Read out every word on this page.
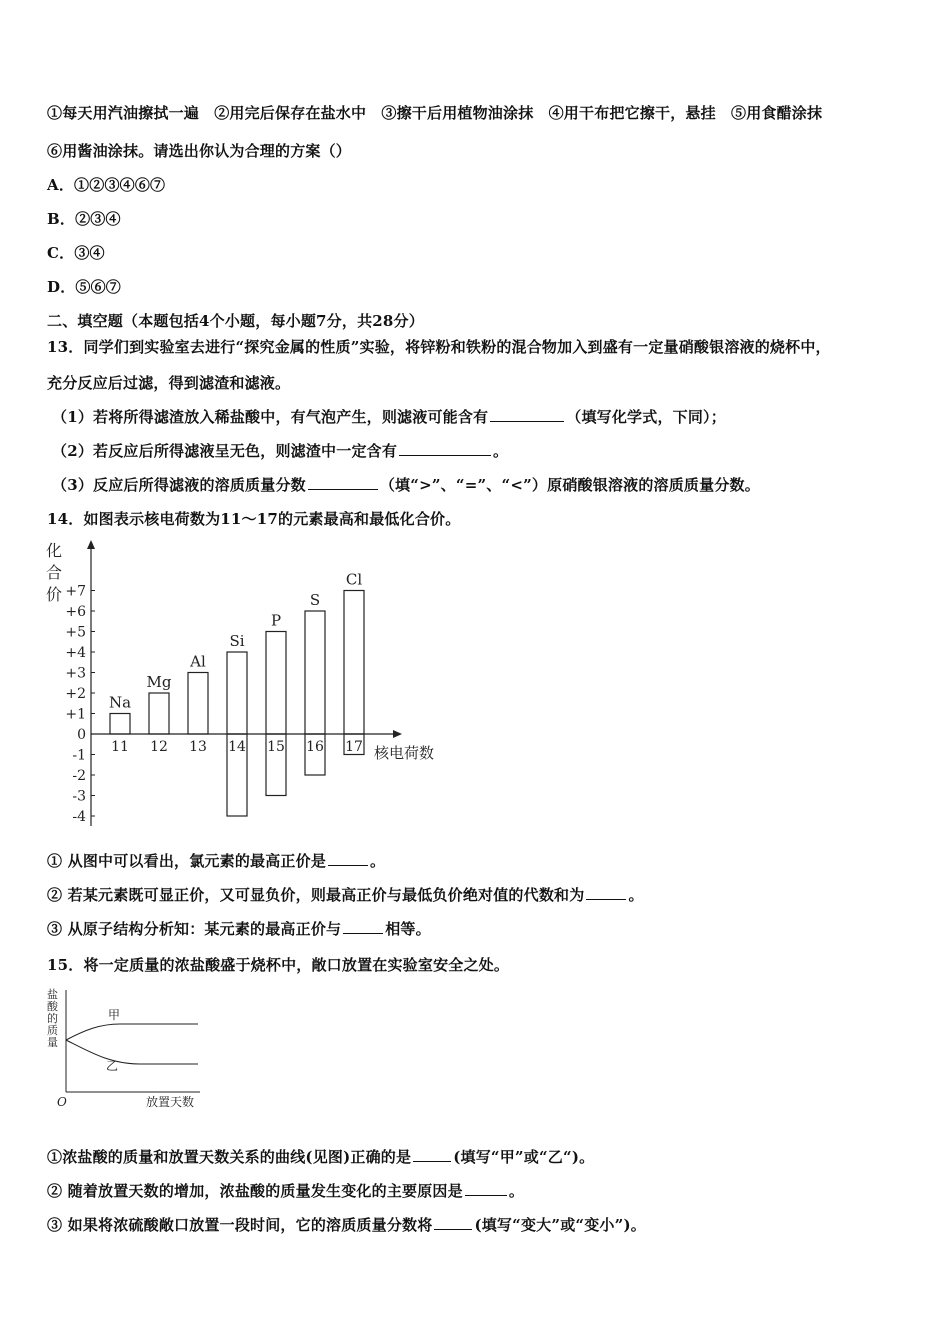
①每天用汽油擦拭一遍　②用完后保存在盐水中　③擦干后用植物油涂抹　④用干布把它擦干，悬挂　⑤用食醋涂抹
⑥用酱油涂抹。请选出你认为合理的方案（）
A．①②③④⑥⑦
B．②③④
C．③④
D．⑤⑥⑦
二、填空题（本题包括4个小题，每小题7分，共28分）
13．同学们到实验室去进行“探究金属的性质”实验，将锌粉和铁粉的混合物加入到盛有一定量硝酸银溶液的烧杯中，
充分反应后过滤，得到滤渣和滤液。
（1）若将所得滤渣放入稀盐酸中，有气泡产生，则滤液可能含有	（填写化学式，下同）；
（2）若反应后所得滤液呈无色，则滤渣中一定含有	。
（3）反应后所得滤液的溶质质量分数	（填“>”、“=”、“<”）原硝酸银溶液的溶质质量分数。
14．如图表示核电荷数为11～17的元素最高和最低化合价。
化
合
价
核电荷数
+7
+6
+5
+4
+3
+2
+1
0
-1
-2
-3
-4
Na
11
Mg
12
Al
13
Si
14
P
15
S
16
Cl
17
① 从图中可以看出，氯元素的最高正价是	。
② 若某元素既可显正价，又可显负价，则最高正价与最低负价绝对值的代数和为	。
③ 从原子结构分析知：某元素的最高正价与	相等。
15．将一定质量的浓盐酸盛于烧杯中，敞口放置在实验室安全之处。
盐
酸
的
质
量
甲
乙
O	放置天数
①浓盐酸的质量和放置天数关系的曲线(见图)正确的是	(填写“甲”或“乙“)。
② 随着放置天数的增加，浓盐酸的质量发生变化的主要原因是	。
③ 如果将浓硫酸敞口放置一段时间，它的溶质质量分数将	(填写“变大”或“变小”)。
